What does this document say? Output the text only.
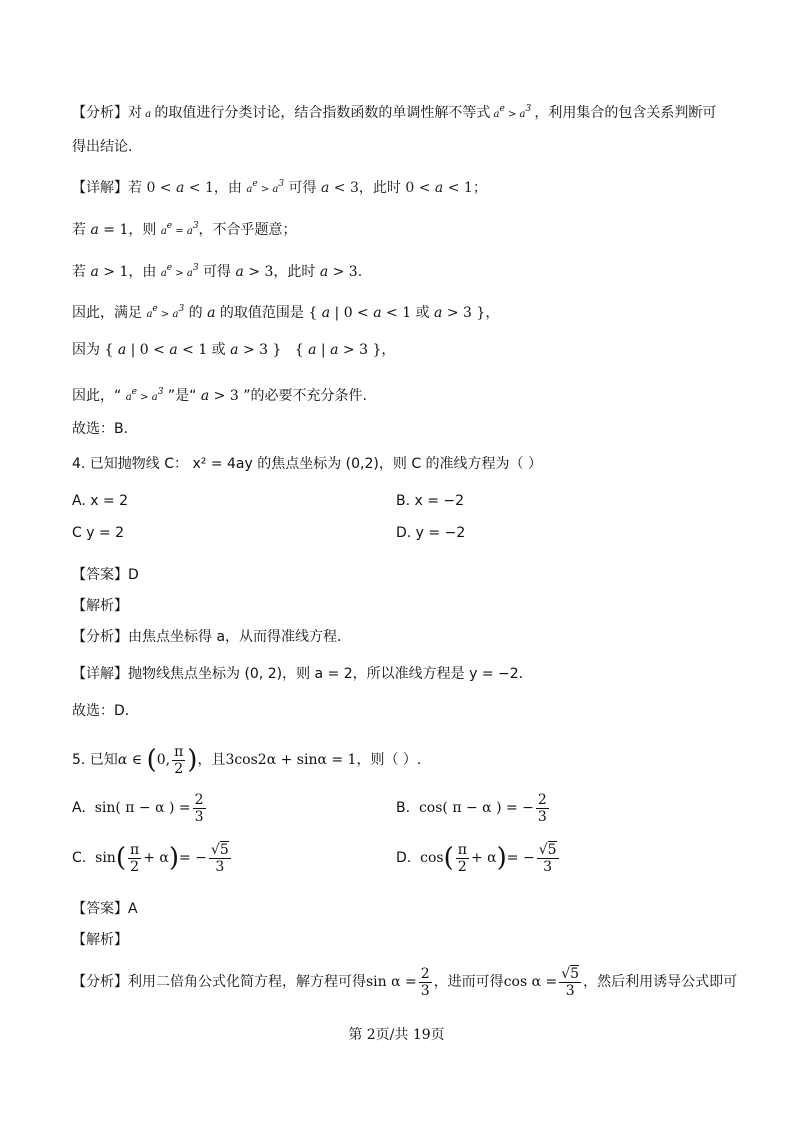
【分析】对 a 的取值进行分类讨论，结合指数函数的单调性解不等式 ae > a3 ，利用集合的包含关系判断可
得出结论.
【详解】若 0 < a < 1，由 ae > a3 可得 a < 3，此时 0 < a < 1；
若 a = 1，则 ae = a3，不合乎题意；
若 a > 1，由 ae > a3 可得 a > 3，此时 a > 3.
因此，满足 ae > a3 的 a 的取值范围是 { a | 0 < a < 1 或 a > 3 }，
因为 { a | 0 < a < 1 或 a > 3 } { a | a > 3 }，
因此，“ ae > a3 ”是“ a > 3 ”的必要不充分条件.
故选：B.
4. 已知抛物线 C： x² = 4ay 的焦点坐标为 (0,2)，则 C 的准线方程为（ ）
A. x = 2	B. x = −2
C y = 2	D. y = −2
【答案】D
【解析】
【分析】由焦点坐标得 a，从而得准线方程．
【详解】抛物线焦点坐标为 (0, 2)，则 a = 2，所以准线方程是 y = −2．
故选：D．
5. 已知α ∈ (0, $\frac{\pi}{2}$ )，且3cos2α + sinα = 1，则（ ）.
A. sin( π − α ) = $\frac{2}{3}$	B. cos( π − α ) = − $\frac{2}{3}$
C. $\sin( \frac{\pi}{2} + \alpha)= - \frac{√5}{3}$	D. $\cos( \frac{\pi}{2} + \alpha)= - \frac{√5}{3}$
【答案】A
【解析】
【分析】利用二倍角公式化简方程，解方程可得$\sin \alpha = \frac{2}{3}$ ，进而可得$\cos \alpha = \frac{√5}{3}$ ，然后利用诱导公式即可
第 2页/共 19页
